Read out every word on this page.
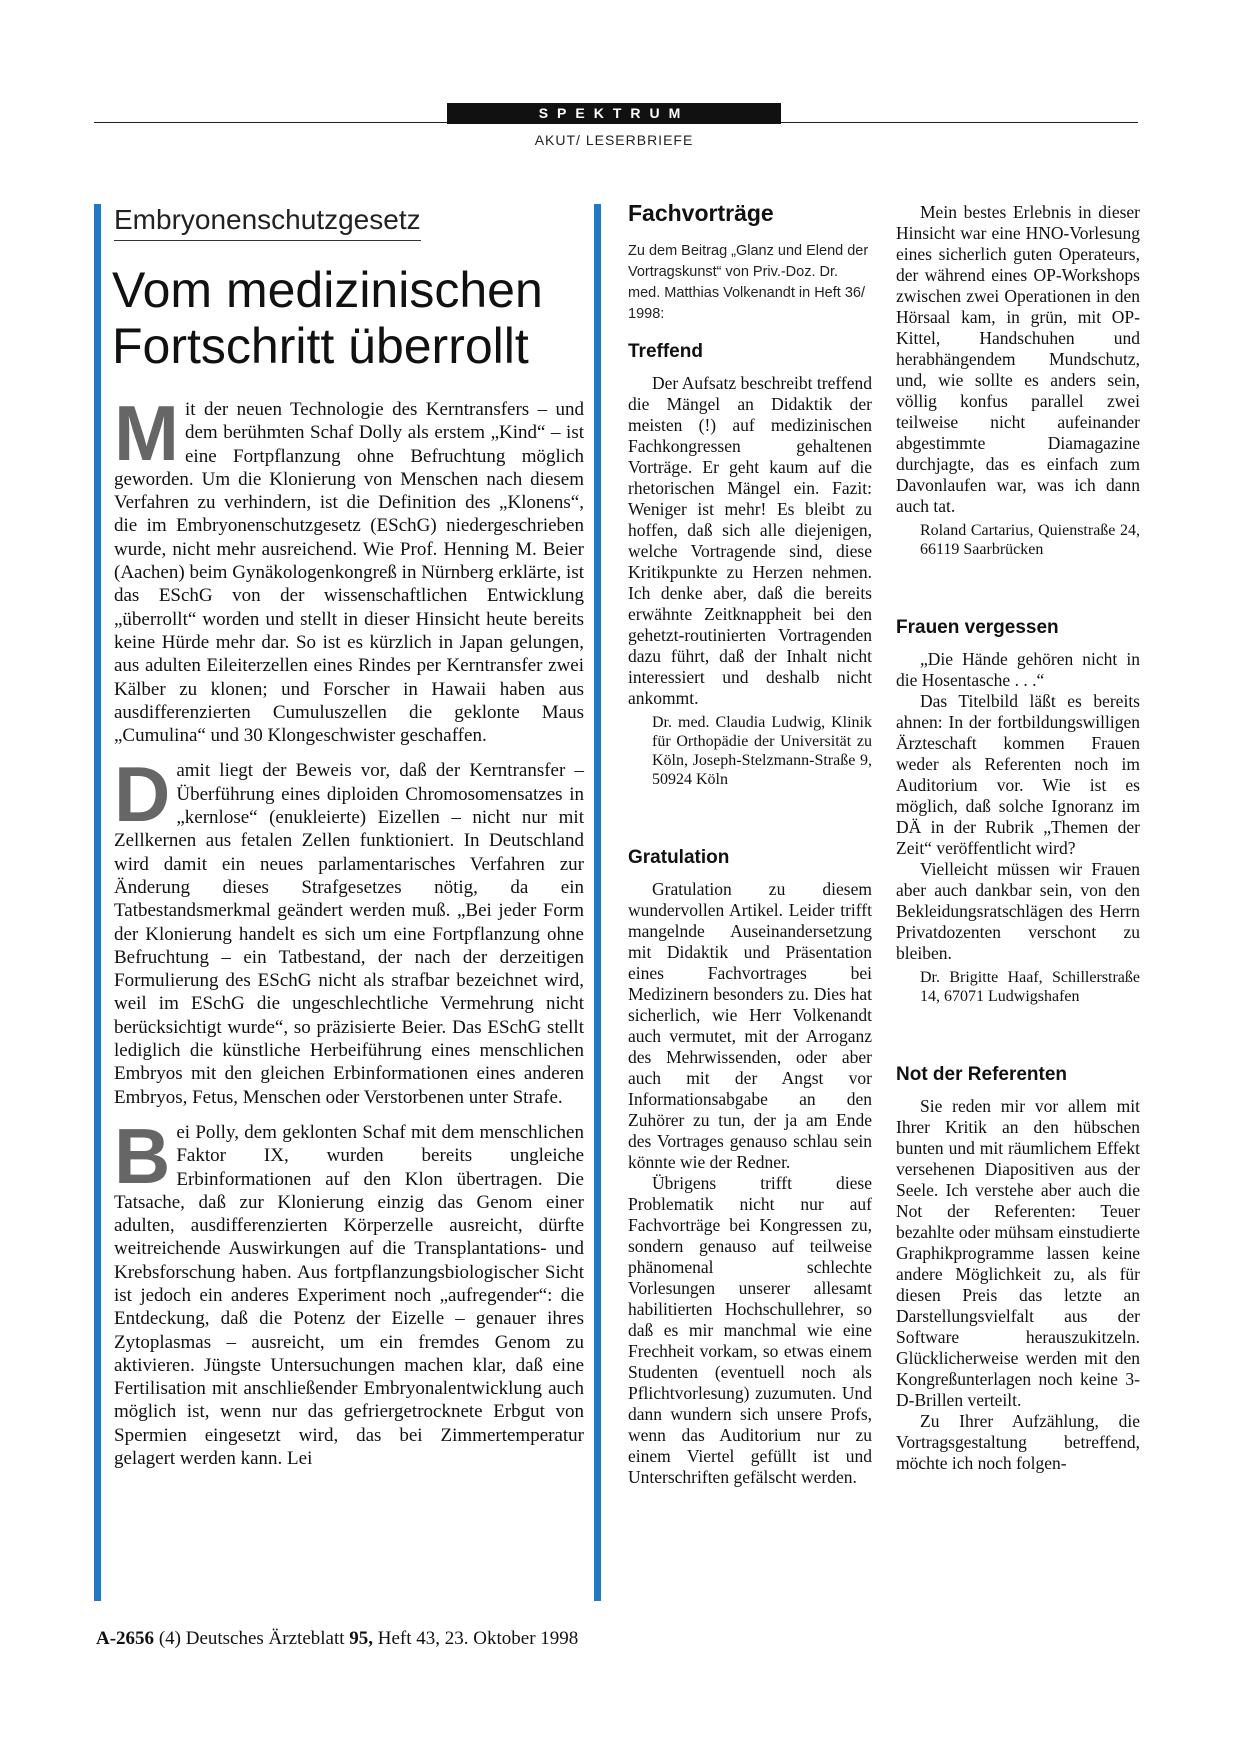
SPEKTRUM
AKUT/ LESERBRIEFE
Embryonenschutzgesetz
Vom medizinischen
Fortschritt überrollt

Mit der neuen Technologie des Kerntransfers – und dem berühmten Schaf Dolly als erstem „Kind“ – ist eine Fortpflanzung ohne Befruchtung möglich geworden. Um die Klonierung von Menschen nach diesem Verfahren zu verhindern, ist die Definition des „Klonens“, die im Embryonenschutzgesetz (ESchG) niedergeschrieben wurde, nicht mehr ausreichend. Wie Prof. Henning M. Beier (Aachen) beim Gynäkologenkongreß in Nürnberg erklärte, ist das ESchG von der wissenschaftlichen Entwicklung „überrollt“ worden und stellt in dieser Hinsicht heute bereits keine Hürde mehr dar. So ist es kürzlich in Japan gelungen, aus adulten Eileiterzellen eines Rindes per Kerntransfer zwei Kälber zu klonen; und Forscher in Hawaii haben aus ausdifferenzierten Cumuluszellen die geklonte Maus „Cumulina“ und 30 Klongeschwister geschaffen.

Damit liegt der Beweis vor, daß der Kerntransfer – Überführung eines diploiden Chromosomensatzes in „kernlose“ (enukleierte) Eizellen – nicht nur mit Zellkernen aus fetalen Zellen funktioniert. In Deutschland wird damit ein neues parlamentarisches Verfahren zur Änderung dieses Strafgesetzes nötig, da ein Tatbestandsmerkmal geändert werden muß. „Bei jeder Form der Klonierung handelt es sich um eine Fortpflanzung ohne Befruchtung – ein Tatbestand, der nach der derzeitigen Formulierung des ESchG nicht als strafbar bezeichnet wird, weil im ESchG die ungeschlechtliche Vermehrung nicht berücksichtigt wurde“, so präzisierte Beier. Das ESchG stellt lediglich die künstliche Herbeiführung eines menschlichen Embryos mit den gleichen Erbinformationen eines anderen Embryos, Fetus, Menschen oder Verstorbenen unter Strafe.

Bei Polly, dem geklonten Schaf mit dem menschlichen Faktor IX, wurden bereits ungleiche Erbinformationen auf den Klon übertragen. Die Tatsache, daß zur Klonierung einzig das Genom einer adulten, ausdifferenzierten Körperzelle ausreicht, dürfte weitreichende Auswirkungen auf die Transplantations- und Krebsforschung haben. Aus fortpflanzungsbiologischer Sicht ist jedoch ein anderes Experiment noch „aufregender“: die Entdeckung, daß die Potenz der Eizelle – genauer ihres Zytoplasmas – ausreicht, um ein fremdes Genom zu aktivieren. Jüngste Untersuchungen machen klar, daß eine Fertilisation mit anschließender Embryonalentwicklung auch möglich ist, wenn nur das gefriergetrocknete Erbgut von Spermien eingesetzt wird, das bei Zimmertemperatur gelagert werden kann. Lei

Fachvorträge
Zu dem Beitrag „Glanz und Elend der Vortragskunst“ von Priv.-Doz. Dr. med. Matthias Volkenandt in Heft 36/ 1998:
Treffend

Der Aufsatz beschreibt treffend die Mängel an Didaktik der meisten (!) auf medizinischen Fachkongressen gehaltenen Vorträge. Er geht kaum auf die rhetorischen Mängel ein. Fazit: Weniger ist mehr! Es bleibt zu hoffen, daß sich alle diejenigen, welche Vortragende sind, diese Kritikpunkte zu Herzen nehmen. Ich denke aber, daß die bereits erwähnte Zeitknappheit bei den gehetzt-routinierten Vortragenden dazu führt, daß der Inhalt nicht interessiert und deshalb nicht ankommt.

Dr. med. Claudia Ludwig, Klinik für Orthopädie der Universität zu Köln, Joseph-Stelzmann-Straße 9, 50924 Köln

Gratulation

Gratulation zu diesem wundervollen Artikel. Leider trifft mangelnde Auseinandersetzung mit Didaktik und Präsentation eines Fachvortrages bei Medizinern besonders zu. Dies hat sicherlich, wie Herr Volkenandt auch vermutet, mit der Arroganz des Mehrwissenden, oder aber auch mit der Angst vor Informationsabgabe an den Zuhörer zu tun, der ja am Ende des Vortrages genauso schlau sein könnte wie der Redner.

Übrigens trifft diese Problematik nicht nur auf Fachvorträge bei Kongressen zu, sondern genauso auf teilweise phänomenal schlechte Vorlesungen unserer allesamt habilitierten Hochschullehrer, so daß es mir manchmal wie eine Frechheit vorkam, so etwas einem Studenten (eventuell noch als Pflichtvorlesung) zuzumuten. Und dann wundern sich unsere Profs, wenn das Auditorium nur zu einem Viertel gefüllt ist und Unterschriften gefälscht werden.

Mein bestes Erlebnis in dieser Hinsicht war eine HNO-Vorlesung eines sicherlich guten Operateurs, der während eines OP-Workshops zwischen zwei Operationen in den Hörsaal kam, in grün, mit OP-Kittel, Handschuhen und herabhängendem Mundschutz, und, wie sollte es anders sein, völlig konfus parallel zwei teilweise nicht aufeinander abgestimmte Diamagazine durchjagte, das es einfach zum Davonlaufen war, was ich dann auch tat.

Roland Cartarius, Quienstraße 24, 66119 Saarbrücken

Frauen vergessen

„Die Hände gehören nicht in die Hosentasche . . .“

Das Titelbild läßt es bereits ahnen: In der fortbildungswilligen Ärzteschaft kommen Frauen weder als Referenten noch im Auditorium vor. Wie ist es möglich, daß solche Ignoranz im DÄ in der Rubrik „Themen der Zeit“ veröffentlicht wird?

Vielleicht müssen wir Frauen aber auch dankbar sein, von den Bekleidungsratschlägen des Herrn Privatdozenten verschont zu bleiben.

Dr. Brigitte Haaf, Schillerstraße 14, 67071 Ludwigshafen

Not der Referenten

Sie reden mir vor allem mit Ihrer Kritik an den hübschen bunten und mit räumlichem Effekt versehenen Diapositiven aus der Seele. Ich verstehe aber auch die Not der Referenten: Teuer bezahlte oder mühsam einstudierte Graphikprogramme lassen keine andere Möglichkeit zu, als für diesen Preis das letzte an Darstellungsvielfalt aus der Software herauszukitzeln. Glücklicherweise werden mit den Kongreßunterlagen noch keine 3-D-Brillen verteilt.

Zu Ihrer Aufzählung, die Vortragsgestaltung betreffend, möchte ich noch folgen-

A-2656 (4) Deutsches Ärzteblatt 95, Heft 43, 23. Oktober 1998
